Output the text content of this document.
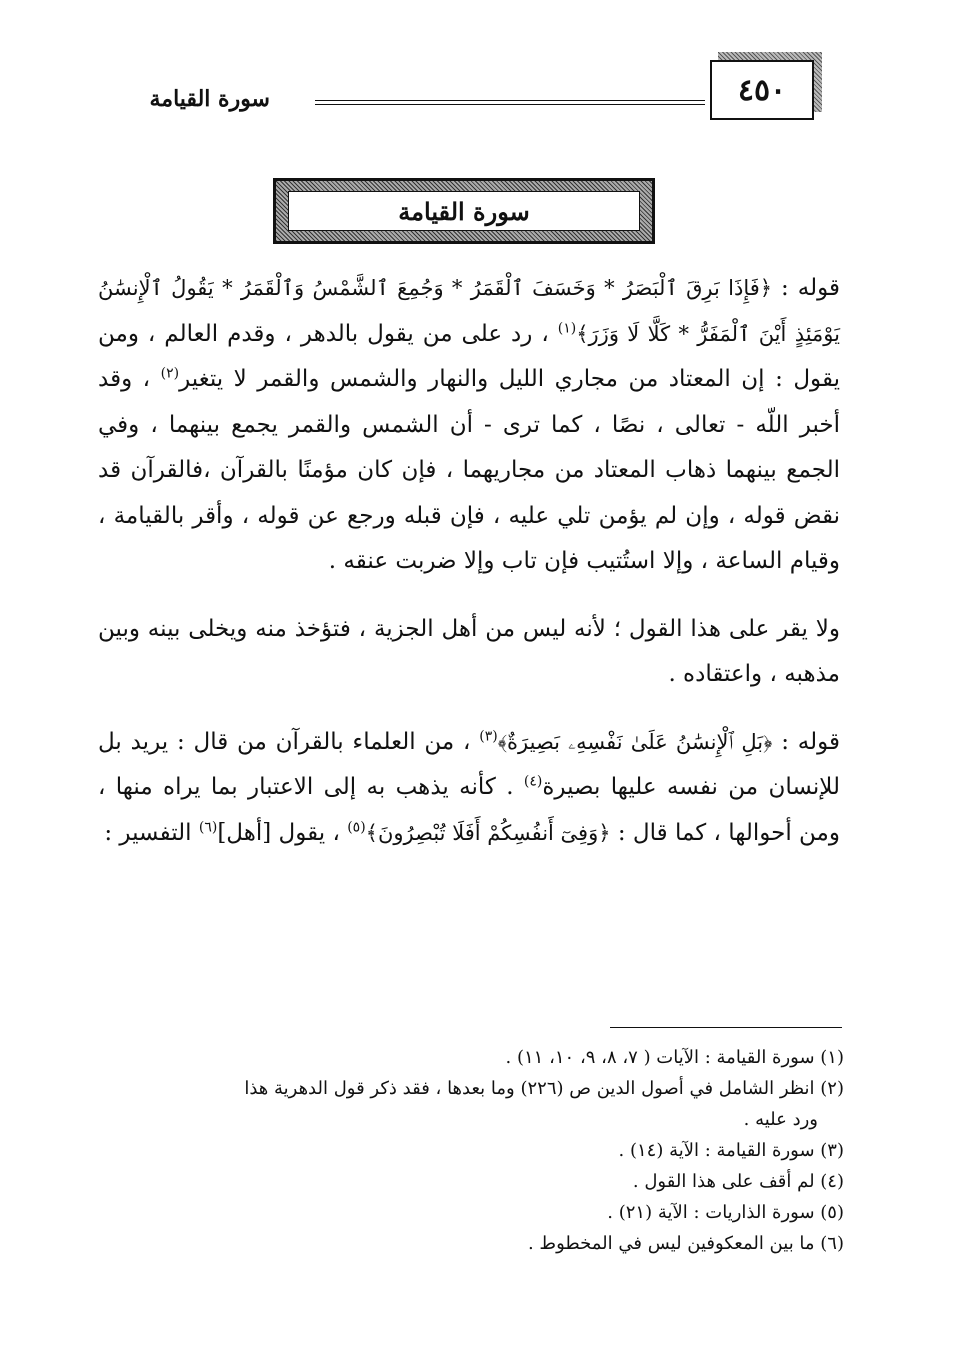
٤٥٠
سورة القيامة
سورة القيامة

قوله : ﴿فَإِذَا بَرِقَ ٱلْبَصَرُ * وَخَسَفَ ٱلْقَمَرُ * وَجُمِعَ ٱلشَّمْسُ وَٱلْقَمَرُ * يَقُولُ ٱلْإِنسَٰنُ يَوْمَئِذٍ أَيْنَ ٱلْمَفَرُّ * كَلَّا لَا وَزَرَ﴾$^{(١)}$ ، رد على من يقول بالدهر ، وقدم العالم ، ومن يقول : إن المعتاد من مجاري الليل والنهار والشمس والقمر لا يتغير$^{(٢)}$ ، وقد أخبر اللّه - تعالى ، نصًا ، كما ترى - أن الشمس والقمر يجمع بينهما ، وفي الجمع بينهما ذهاب المعتاد من مجاريهما ، فإن كان مؤمنًا بالقرآن ،فالقرآن قد نقض قوله ، وإن لم يؤمن تلي عليه ، فإن قبله ورجع عن قوله ، وأقر بالقيامة ، وقيام الساعة ، وإلا استُتيب فإن تاب وإلا ضربت عنقه .

ولا يقر على هذا القول ؛ لأنه ليس من أهل الجزية ، فتؤخذ منه ويخلى بينه وبين مذهبه ، واعتقاده .

قوله : ﴿بَلِ ٱلْإِنسَٰنُ عَلَىٰ نَفْسِهِۦ بَصِيرَةٌ﴾$^{(٣)}$ ، من العلماء بالقرآن من قال : يريد بل للإنسان من نفسه عليها بصيرة$^{(٤)}$ . كأنه يذهب به إلى الاعتبار بما يراه منها ، ومن أحوالها ، كما قال : ﴿وَفِىٓ أَنفُسِكُمْ أَفَلَا تُبْصِرُونَ﴾$^{(٥)}$ ، يقول [أهل]$^{(٦)}$ التفسير :

(١) سورة القيامة : الآيات ( ٧، ٨، ٩، ١٠، ١١) .
(٢) انظر الشامل في أصول الدين ص (٢٢٦) وما بعدها ، فقد ذكر قول الدهرية هذا
ورد عليه .
(٣) سورة القيامة : الآية (١٤) .
(٤) لم أقف على هذا القول .
(٥) سورة الذاريات : الآية (٢١) .
(٦) ما بين المعكوفين ليس في المخطوط .
